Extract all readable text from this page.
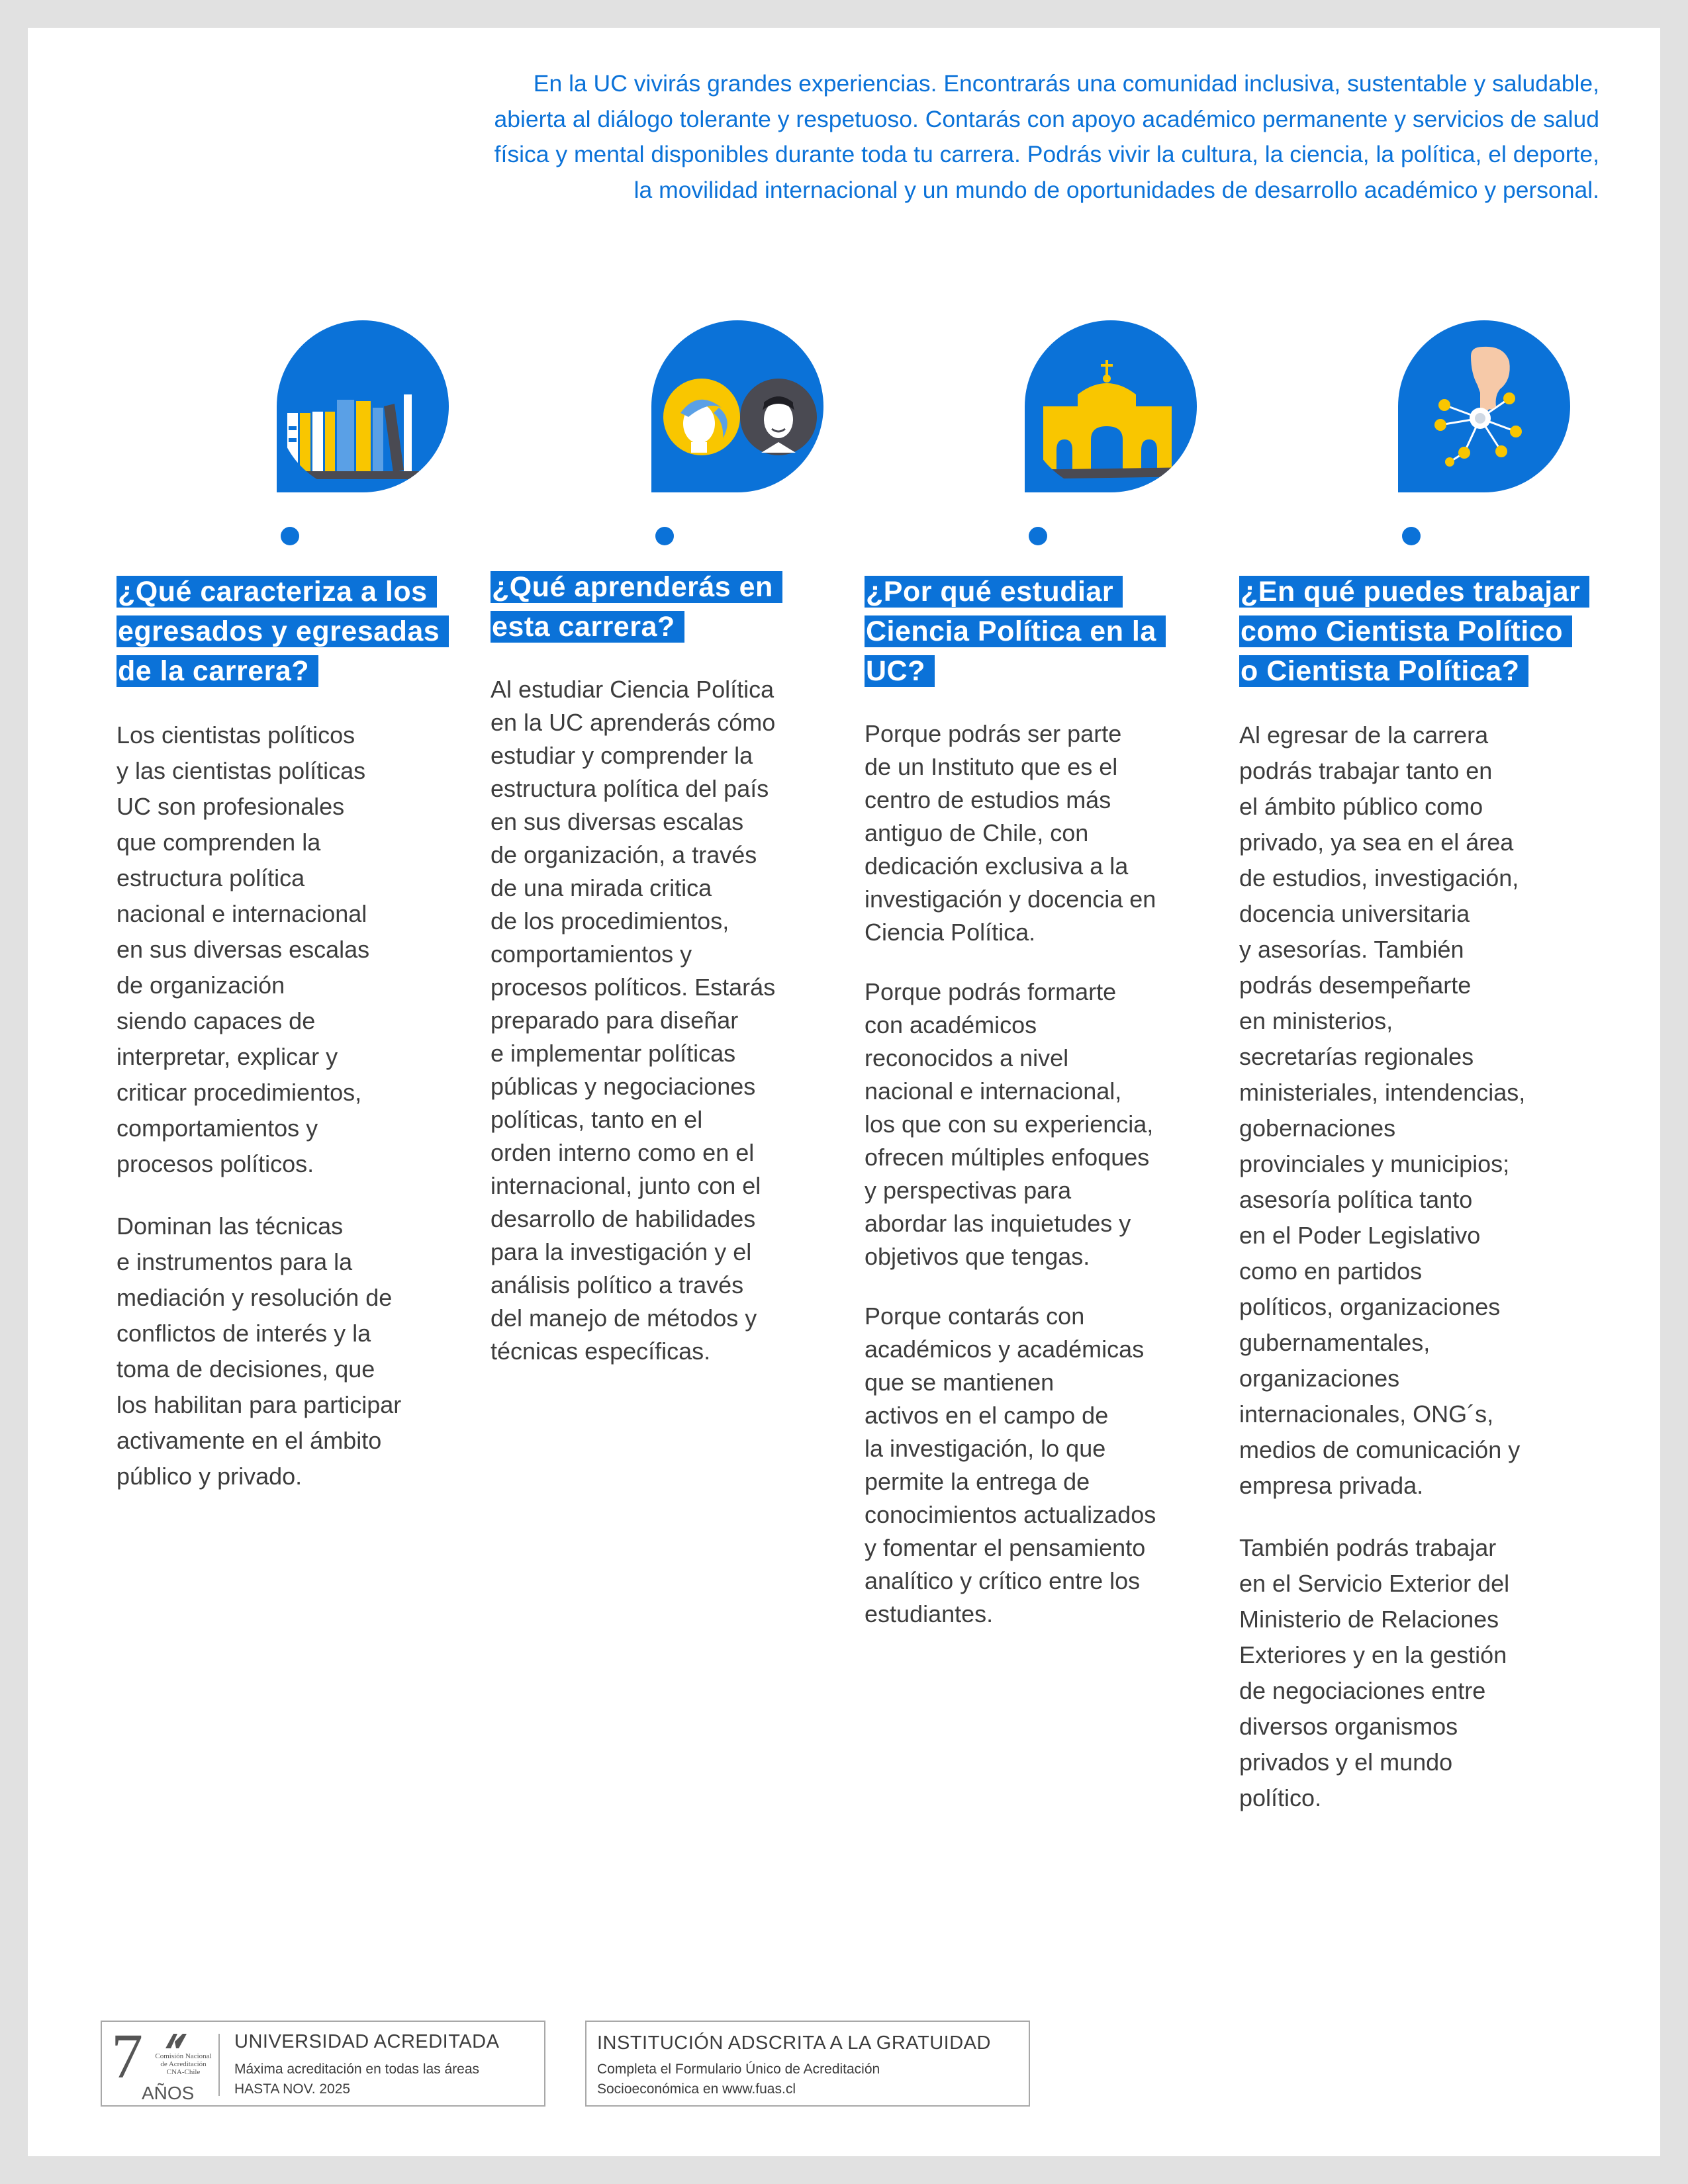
En la UC vivirás grandes experiencias. Encontrarás una comunidad inclusiva, sustentable y saludable, abierta al diálogo tolerante y respetuoso. Contarás con apoyo académico permanente y servicios de salud física y mental disponibles durante toda tu carrera. Podrás vivir la cultura, la ciencia, la política, el deporte, la movilidad internacional y un mundo de oportunidades de desarrollo académico y personal.

¿Qué caracteriza a los egresados y egresadas de la carrera?

Los cientistas políticos
y las cientistas políticas
UC son profesionales
que comprenden la
estructura política
nacional e internacional
en sus diversas escalas
de organización
siendo capaces de
interpretar, explicar y
criticar procedimientos,
comportamientos y
procesos políticos.

Dominan las técnicas
e instrumentos para la
mediación y resolución de
conflictos de interés y la
toma de decisiones, que
los habilitan para participar
activamente en el ámbito
público y privado.

¿Qué aprenderás en esta carrera?

Al estudiar Ciencia Política
en la UC aprenderás cómo
estudiar y comprender la
estructura política del país
en sus diversas escalas
de organización, a través
de una mirada critica
de los procedimientos,
comportamientos y
procesos políticos. Estarás
preparado para diseñar
e implementar políticas
públicas y negociaciones
políticas, tanto en el
orden interno como en el
internacional, junto con el
desarrollo de habilidades
para la investigación y el
análisis político a través
del manejo de métodos y
técnicas específicas.

¿Por qué estudiar Ciencia Política en la UC?

Porque podrás ser parte
de un Instituto que es el
centro de estudios más
antiguo de Chile, con
dedicación exclusiva a la
investigación y docencia en
Ciencia Política.

Porque podrás formarte
con académicos
reconocidos a nivel
nacional e internacional,
los que con su experiencia,
ofrecen múltiples enfoques
y perspectivas para
abordar las inquietudes y
objetivos que tengas.

Porque contarás con
académicos y académicas
que se mantienen
activos en el campo de
la investigación, lo que
permite la entrega de
conocimientos actualizados
y fomentar el pensamiento
analítico y crítico entre los
estudiantes.

¿En qué puedes trabajar como Cientista Político o Cientista Política?

Al egresar de la carrera
podrás trabajar tanto en
el ámbito público como
privado, ya sea en el área
de estudios, investigación,
docencia universitaria
y asesorías. También
podrás desempeñarte
en ministerios,
secretarías regionales
ministeriales, intendencias,
gobernaciones
provinciales y municipios;
asesoría política tanto
en el Poder Legislativo
como en partidos
políticos, organizaciones
gubernamentales,
organizaciones
internacionales, ONG´s,
medios de comunicación y
empresa privada.

También podrás trabajar
en el Servicio Exterior del
Ministerio de Relaciones
Exteriores y en la gestión
de negociaciones entre
diversos organismos
privados y el mundo
político.

7 Comisión Nacional de Acreditación CNA-Chile
AÑOS
UNIVERSIDAD ACREDITADA
Máxima acreditación en todas las áreas
HASTA NOV. 2025
INSTITUCIÓN ADSCRITA A LA GRATUIDAD
Completa el Formulario Único de Acreditación
Socioeconómica en www.fuas.cl
